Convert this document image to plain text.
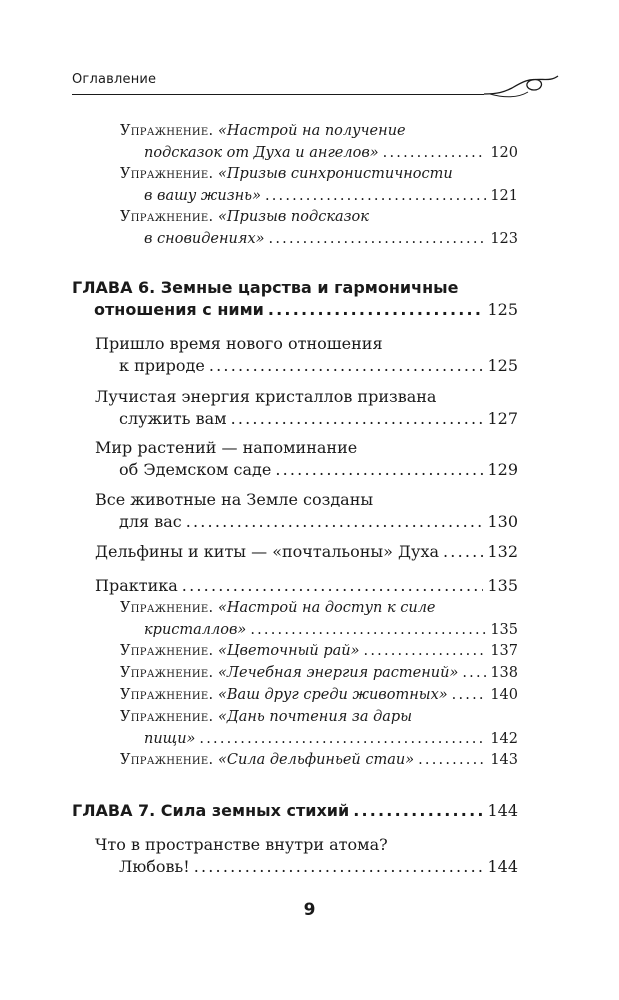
Оглавление
Упражнение. «Настрой на получение
подсказок от Духа и ангелов» .....	120
Упражнение. «Призыв синхронистичности
в вашу жизнь» .....	121
Упражнение. «Призыв подсказок
в сновидениях» .....	123
ГЛАВА 6. Земные царства и гармоничные
отношения с ними .....	125
Пришло время нового отношения
к природе .....	125
Лучистая энергия кристаллов призвана
служить вам .....	127
Мир растений — напоминание
об Эдемском саде .....	129
Все животные на Земле созданы
для вас .....	130
Дельфины и киты — «почтальоны» Духа .....	132
Практика .....	135
Упражнение. «Настрой на доступ к силе
кристаллов» .....	135
Упражнение.
«Цветочный рай» .....	137
Упражнение.
«Лечебная энергия растений» ..... 138
Упражнение.
«Ваш друг среди животных» .....	140
Упражнение. «Дань почтения за дары
пищи» .....	142
Упражнение.
«Сила дельфиньей стаи» .....	143
ГЛАВА 7. Сила земных стихий .....	144
Что в пространстве внутри атома?
Любовь! .....	144
9
